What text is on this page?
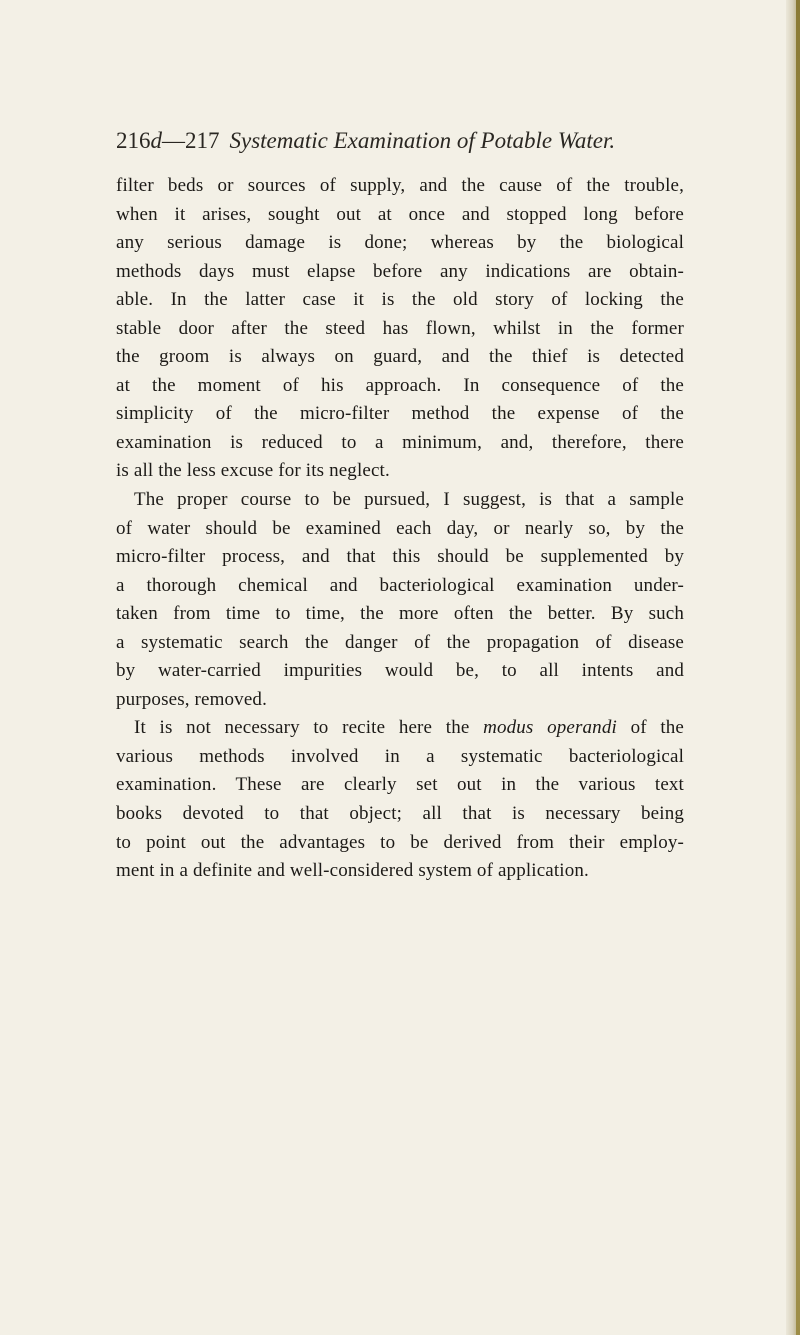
216d—217 Systematic Examination of Potable Water.

filter beds or sources of supply, and the cause of the trouble,
when it arises, sought out at once and stopped long before
any serious damage is done; whereas by the biological
methods days must elapse before any indications are obtain-
able. In the latter case it is the old story of locking the
stable door after the steed has flown, whilst in the former
the groom is always on guard, and the thief is detected
at the moment of his approach. In consequence of the
simplicity of the micro-filter method the expense of the
examination is reduced to a minimum, and, therefore, there
is all the less excuse for its neglect.

The proper course to be pursued, I suggest, is that a sample
of water should be examined each day, or nearly so, by the
micro-filter process, and that this should be supplemented by
a thorough chemical and bacteriological examination under-
taken from time to time, the more often the better. By such
a systematic search the danger of the propagation of disease
by water-carried impurities would be, to all intents and
purposes, removed.

It is not necessary to recite here the modus operandi of the
various methods involved in a systematic bacteriological
examination. These are clearly set out in the various text
books devoted to that object; all that is necessary being
to point out the advantages to be derived from their employ-
ment in a definite and well-considered system of application.
